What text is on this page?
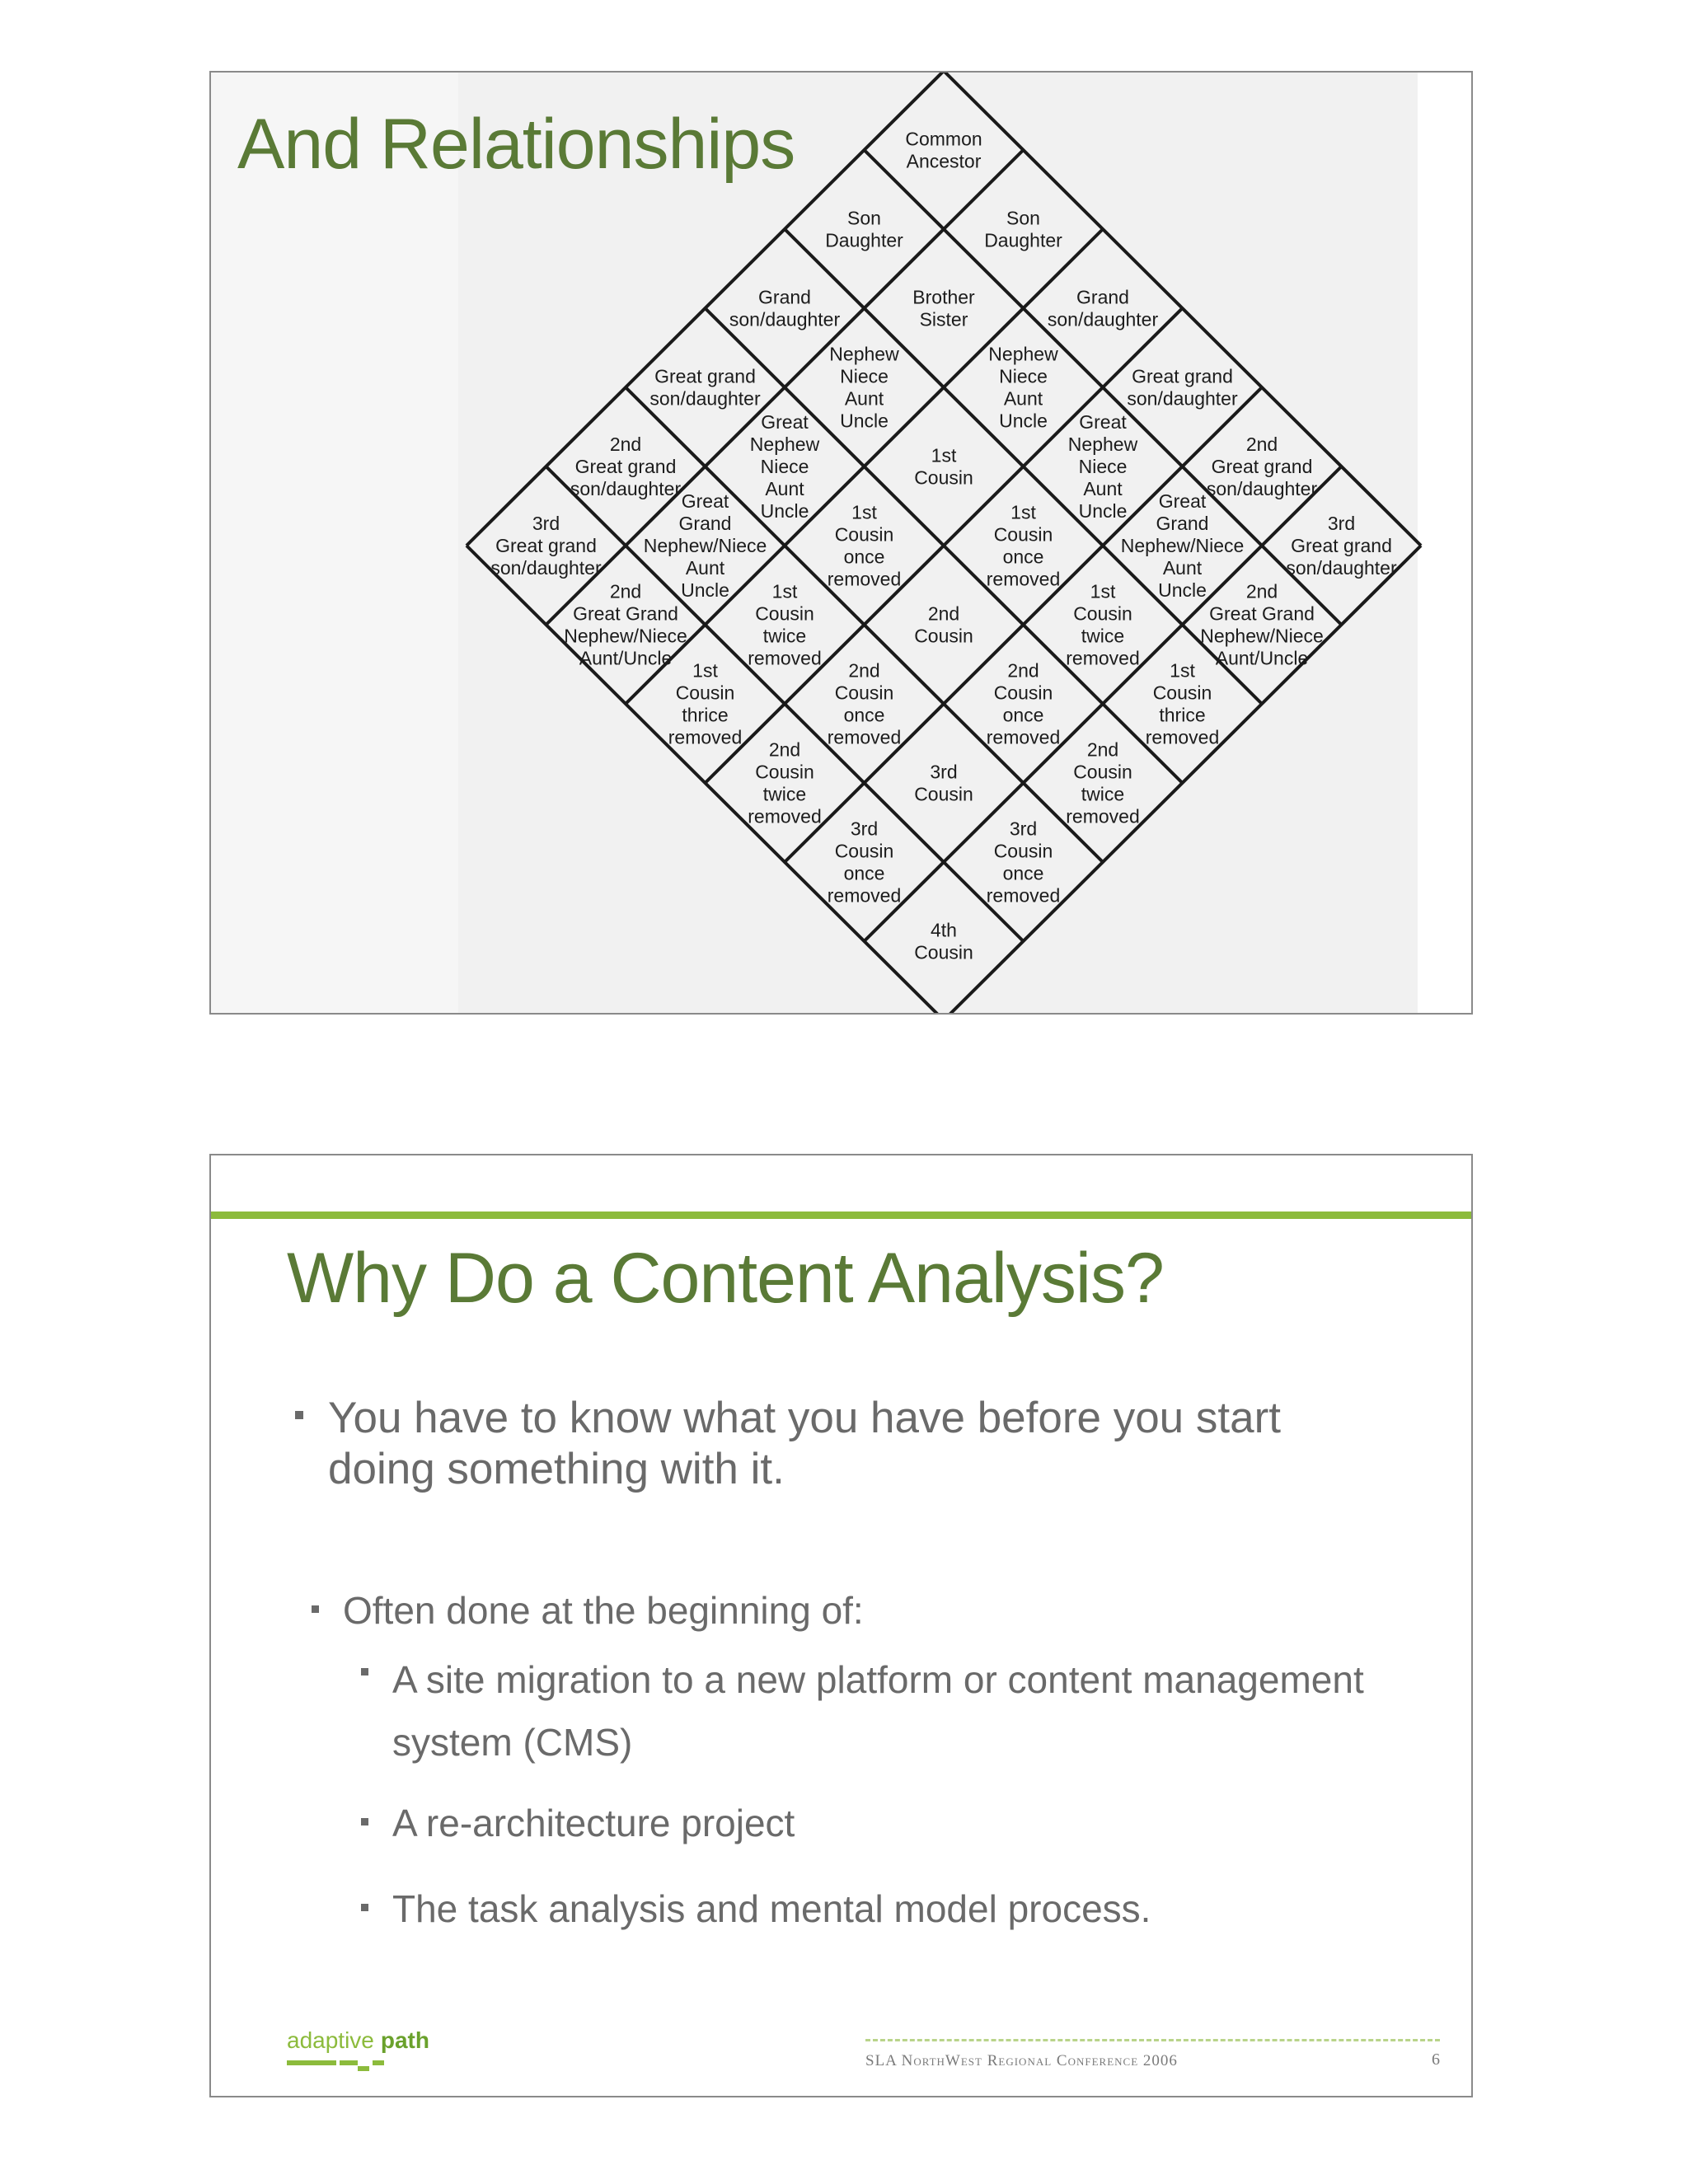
Common Ancestor
Son Daughter
Grand son/daughter
Great grand son/daughter
2nd Great grand son/daughter
3rd Great grand son/daughter
Son Daughter
Brother Sister
Nephew Niece Aunt Uncle
Great Nephew Niece Aunt Uncle
Great Grand Nephew/Niece Aunt Uncle
2nd Great Grand Nephew/Niece Aunt/Uncle
Grand son/daughter
Nephew Niece Aunt Uncle
1st Cousin
1st Cousin once removed
1st Cousin twice removed
1st Cousin thrice removed
Great grand son/daughter
Great Nephew Niece Aunt Uncle
1st Cousin once removed
2nd Cousin
2nd Cousin once removed
2nd Cousin twice removed
2nd Great grand son/daughter
Great Grand Nephew/Niece Aunt Uncle
1st Cousin twice removed
2nd Cousin once removed
3rd Cousin
3rd Cousin once removed
3rd Great grand son/daughter
2nd Great Grand Nephew/Niece Aunt/Uncle
1st Cousin thrice removed
2nd Cousin twice removed
3rd Cousin once removed
4th Cousin
And Relationships
Why Do a Content Analysis?
You have to know what you have before you start doing something with it.
Often done at the beginning of:
A site migration to a new platform or content management system (CMS)
A re-architecture project
The task analysis and mental model process.
adaptive path
SLA NorthWest Regional Conference 2006	6
